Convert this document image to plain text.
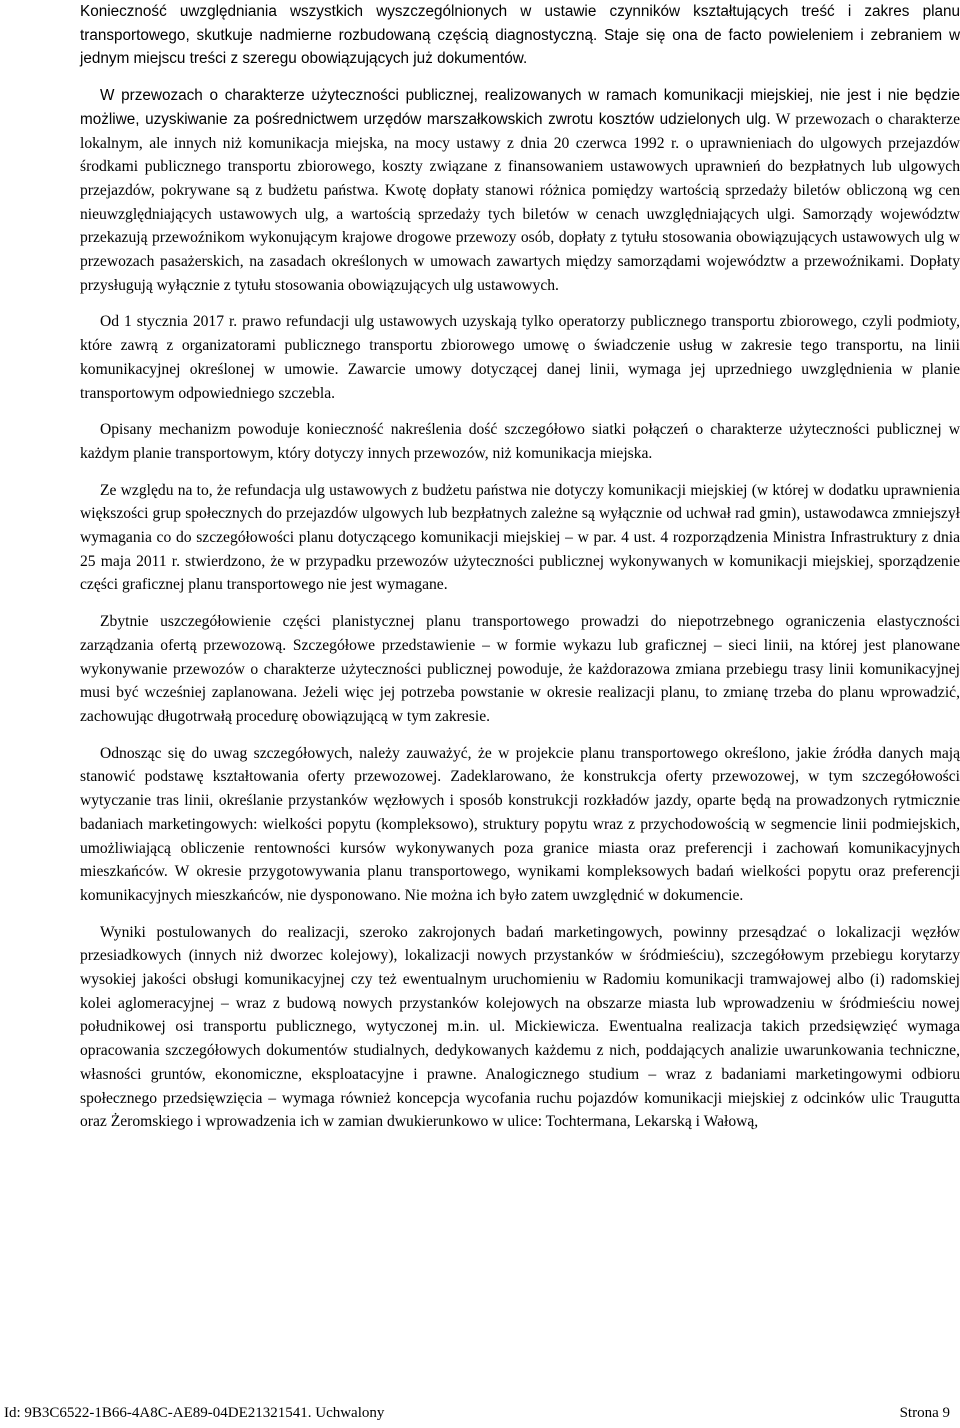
Konieczność uwzględniania wszystkich wyszczególnionych w ustawie czynników kształtujących treść i zakres planu transportowego, skutkuje nadmierne rozbudowaną częścią diagnostyczną. Staje się ona de facto powieleniem i zebraniem w jednym miejscu treści z szeregu obowiązujących już dokumentów.

W przewozach o charakterze użyteczności publicznej, realizowanych w ramach komunikacji miejskiej, nie jest i nie będzie możliwe, uzyskiwanie za pośrednictwem urzędów marszałkowskich zwrotu kosztów udzielonych ulg. W przewozach o charakterze lokalnym, ale innych niż komunikacja miejska, na mocy ustawy z dnia 20 czerwca 1992 r. o uprawnieniach do ulgowych przejazdów środkami publicznego transportu zbiorowego, koszty związane z finansowaniem ustawowych uprawnień do bezpłatnych lub ulgowych przejazdów, pokrywane są z budżetu państwa. Kwotę dopłaty stanowi różnica pomiędzy wartością sprzedaży biletów obliczoną wg cen nieuwzględniających ustawowych ulg, a wartością sprzedaży tych biletów w cenach uwzględniających ulgi. Samorządy województw przekazują przewoźnikom wykonującym krajowe drogowe przewozy osób, dopłaty z tytułu stosowania obowiązujących ustawowych ulg w przewozach pasażerskich, na zasadach określonych w umowach zawartych między samorządami województw a przewoźnikami. Dopłaty przysługują wyłącznie z tytułu stosowania obowiązujących ulg ustawowych.

Od 1 stycznia 2017 r. prawo refundacji ulg ustawowych uzyskają tylko operatorzy publicznego transportu zbiorowego, czyli podmioty, które zawrą z organizatorami publicznego transportu zbiorowego umowę o świadczenie usług w zakresie tego transportu, na linii komunikacyjnej określonej w umowie. Zawarcie umowy dotyczącej danej linii, wymaga jej uprzedniego uwzględnienia w planie transportowym odpowiedniego szczebla.

Opisany mechanizm powoduje konieczność nakreślenia dość szczegółowo siatki połączeń o charakterze użyteczności publicznej w każdym planie transportowym, który dotyczy innych przewozów, niż komunikacja miejska.

Ze względu na to, że refundacja ulg ustawowych z budżetu państwa nie dotyczy komunikacji miejskiej (w której w dodatku uprawnienia większości grup społecznych do przejazdów ulgowych lub bezpłatnych zależne są wyłącznie od uchwał rad gmin), ustawodawca zmniejszył wymagania co do szczegółowości planu dotyczącego komunikacji miejskiej – w par. 4 ust. 4 rozporządzenia Ministra Infrastruktury z dnia 25 maja 2011 r. stwierdzono, że w przypadku przewozów użyteczności publicznej wykonywanych w komunikacji miejskiej, sporządzenie części graficznej planu transportowego nie jest wymagane.

Zbytnie uszczegółowienie części planistycznej planu transportowego prowadzi do niepotrzebnego ograniczenia elastyczności zarządzania ofertą przewozową. Szczegółowe przedstawienie – w formie wykazu lub graficznej – sieci linii, na której jest planowane wykonywanie przewozów o charakterze użyteczności publicznej powoduje, że każdorazowa zmiana przebiegu trasy linii komunikacyjnej musi być wcześniej zaplanowana. Jeżeli więc jej potrzeba powstanie w okresie realizacji planu, to zmianę trzeba do planu wprowadzić, zachowując długotrwałą procedurę obowiązującą w tym zakresie.

Odnosząc się do uwag szczegółowych, należy zauważyć, że w projekcie planu transportowego określono, jakie źródła danych mają stanowić podstawę kształtowania oferty przewozowej. Zadeklarowano, że konstrukcja oferty przewozowej, w tym szczegółowości wytyczanie tras linii, określanie przystanków węzłowych i sposób konstrukcji rozkładów jazdy, oparte będą na prowadzonych rytmicznie badaniach marketingowych: wielkości popytu (kompleksowo), struktury popytu wraz z przychodowością w segmencie linii podmiejskich, umożliwiającą obliczenie rentowności kursów wykonywanych poza granice miasta oraz preferencji i zachowań komunikacyjnych mieszkańców. W okresie przygotowywania planu transportowego, wynikami kompleksowych badań wielkości popytu oraz preferencji komunikacyjnych mieszkańców, nie dysponowano. Nie można ich było zatem uwzględnić w dokumencie.

Wyniki postulowanych do realizacji, szeroko zakrojonych badań marketingowych, powinny przesądzać o lokalizacji węzłów przesiadkowych (innych niż dworzec kolejowy), lokalizacji nowych przystanków w śródmieściu), szczegółowym przebiegu korytarzy wysokiej jakości obsługi komunikacyjnej czy też ewentualnym uruchomieniu w Radomiu komunikacji tramwajowej albo (i) radomskiej kolei aglomeracyjnej – wraz z budową nowych przystanków kolejowych na obszarze miasta lub wprowadzeniu w śródmieściu nowej południkowej osi transportu publicznego, wytyczonej m.in. ul. Mickiewicza. Ewentualna realizacja takich przedsięwzięć wymaga opracowania szczegółowych dokumentów studialnych, dedykowanych każdemu z nich, poddających analizie uwarunkowania techniczne, własności gruntów, ekonomiczne, eksploatacyjne i prawne. Analogicznego studium – wraz z badaniami marketingowymi odbioru społecznego przedsięwzięcia – wymaga również koncepcja wycofania ruchu pojazdów komunikacji miejskiej z odcinków ulic Traugutta oraz Żeromskiego i wprowadzenia ich w zamian dwukierunkowo w ulice: Tochtermana, Lekarską i Wałową,

Id: 9B3C6522-1B66-4A8C-AE89-04DE21321541. Uchwalony	Strona 9
